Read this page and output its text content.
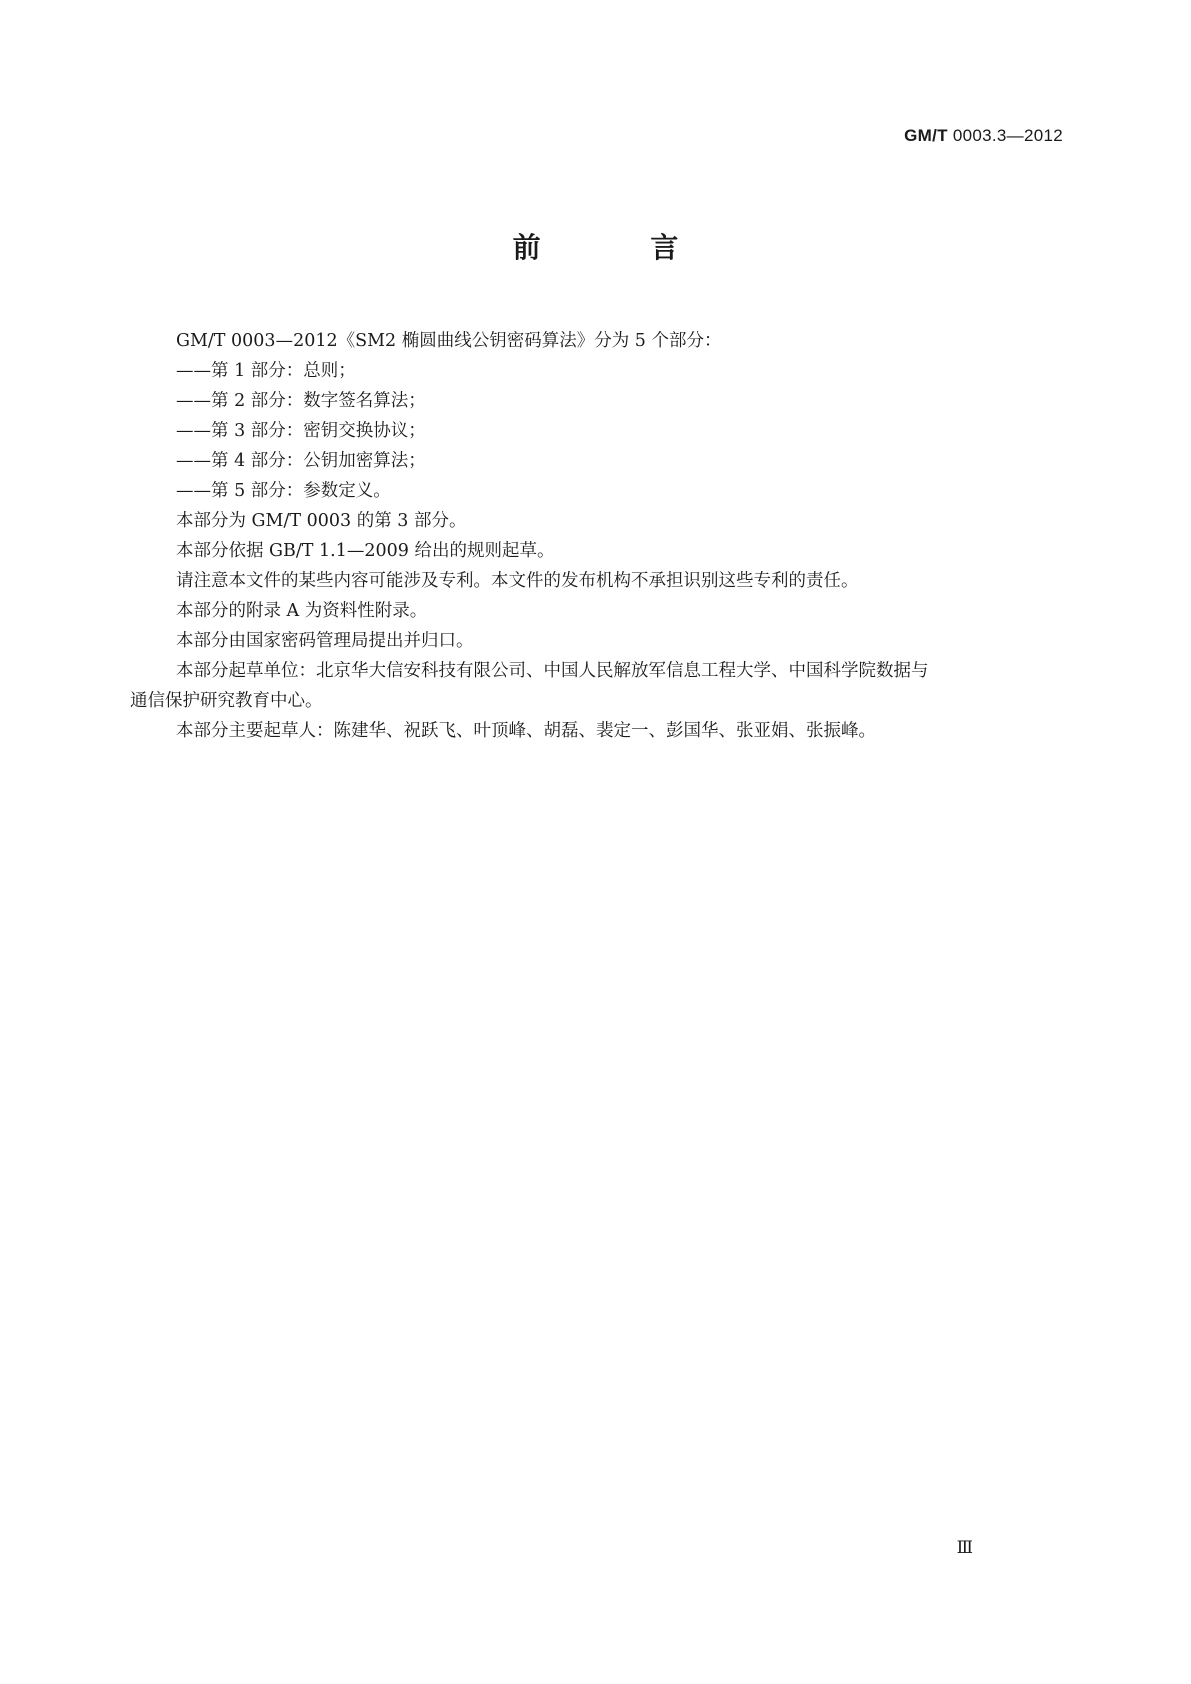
GM/T 0003.3—2012
前 言

GM/T 0003—2012《SM2 椭圆曲线公钥密码算法》分为 5 个部分：

——第 1 部分：总则；

——第 2 部分：数字签名算法；

——第 3 部分：密钥交换协议；

——第 4 部分：公钥加密算法；

——第 5 部分：参数定义。

本部分为 GM/T 0003 的第 3 部分。

本部分依据 GB/T 1.1—2009 给出的规则起草。

请注意本文件的某些内容可能涉及专利。本文件的发布机构不承担识别这些专利的责任。

本部分的附录 A 为资料性附录。

本部分由国家密码管理局提出并归口。

本部分起草单位：北京华大信安科技有限公司、中国人民解放军信息工程大学、中国科学院数据与

通信保护研究教育中心。

本部分主要起草人：陈建华、祝跃飞、叶顶峰、胡磊、裴定一、彭国华、张亚娟、张振峰。

Ⅲ
